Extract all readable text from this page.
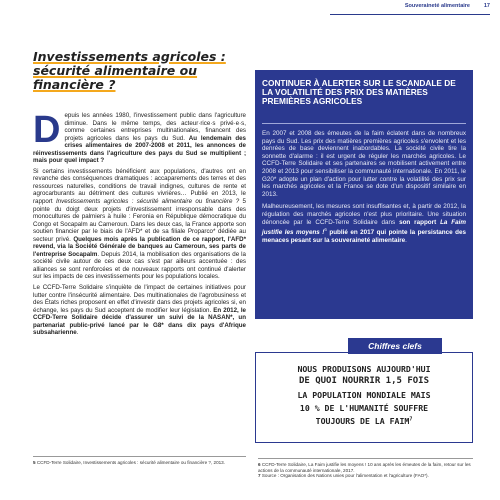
Souveraineté alimentaire	17
Investissements agricoles : sécurité alimentaire ou financière ?

Depuis les années 1980, l'investissement public dans l'agriculture diminue. Dans le même temps, des acteur·rice·s privé·e·s, comme certaines entreprises multinationales, financent des projets agricoles dans les pays du Sud. Au lendemain des crises alimentaires de 2007-2008 et 2011, les annonces de réinvestissements dans l'agriculture des pays du Sud se multiplient ; mais pour quel impact ?

Si certains investissements bénéficient aux populations, d'autres ont en revanche des conséquences dramatiques : accaparements des terres et des ressources naturelles, conditions de travail indignes, cultures de rente et agrocarburants au détriment des cultures vivrières… Publié en 2013, le rapport Investissements agricoles : sécurité alimentaire ou financière ? 5 pointe du doigt deux projets d'investissement irresponsable dans des monocultures de palmiers à huile : Feronia en République démocratique du Congo et Socapalm au Cameroun. Dans les deux cas, la France apporte son soutien financier par le biais de l'AFD* et de sa filiale Proparco* dédiée au secteur privé. Quelques mois après la publication de ce rapport, l'AFD* revend, via la Société Générale de banques au Cameroun, ses parts de l'entreprise Socapalm. Depuis 2014, la mobilisation des organisations de la société civile autour de ces deux cas s'est par ailleurs accentuée : des alliances se sont renforcées et de nouveaux rapports ont continué d'alerter sur les impacts de ces investissements pour les populations locales.

Le CCFD-Terre Solidaire s'inquiète de l'impact de certaines initiatives pour lutter contre l'insécurité alimentaire. Des multinationales de l'agrobusiness et des États riches proposent en effet d'investir dans des projets agricoles si, en échange, les pays du Sud acceptent de modifier leur législation. En 2012, le CCFD-Terre Solidaire décide d'assurer un suivi de la NASAN*, un partenariat public-privé lancé par le G8* dans dix pays d'Afrique subsaharienne.

5 CCFD-Terre Solidaire, Investissements agricoles : sécurité alimentaire ou financière ?, 2013.
CONTINUER À ALERTER SUR LE SCANDALE DE LA VOLATILITÉ DES PRIX DES MATIÈRES PREMIÈRES AGRICOLES

En 2007 et 2008 des émeutes de la faim éclatent dans de nombreux pays du Sud. Les prix des matières premières agricoles s'envolent et les denrées de base deviennent inabordables. La société civile tire la sonnette d'alarme : il est urgent de réguler les marchés agricoles. Le CCFD-Terre Solidaire et ses partenaires se mobilisent activement entre 2008 et 2013 pour sensibiliser la communauté internationale. En 2011, le G20* adopte un plan d'action pour lutter contre la volatilité des prix sur les marchés agricoles et la France se dote d'un dispositif similaire en 2013.

Malheureusement, les mesures sont insuffisantes et, à partir de 2012, la régulation des marchés agricoles n'est plus prioritaire. Une situation dénoncée par le CCFD-Terre Solidaire dans son rapport La Faim justifie les moyens !$^6$ publié en 2017 qui pointe la persistance des menaces pesant sur la souveraineté alimentaire.

NOUS PRODUISONS AUJOURD'HUI
DE QUOI NOURRIR 1,5 FOIS
LA POPULATION MONDIALE MAIS
10 % DE L'HUMANITÉ SOUFFRE
TOUJOURS DE LA FAIM$^7$
Chiffres clefs
6 CCFD-Terre Solidaire, La Faim justifie les moyens ! 10 ans après les émeutes de la faim, retour sur les actions de la communauté internationale, 2017.
7 Source : Organisation des Nations unies pour l'alimentation et l'agriculture (FAO*).
